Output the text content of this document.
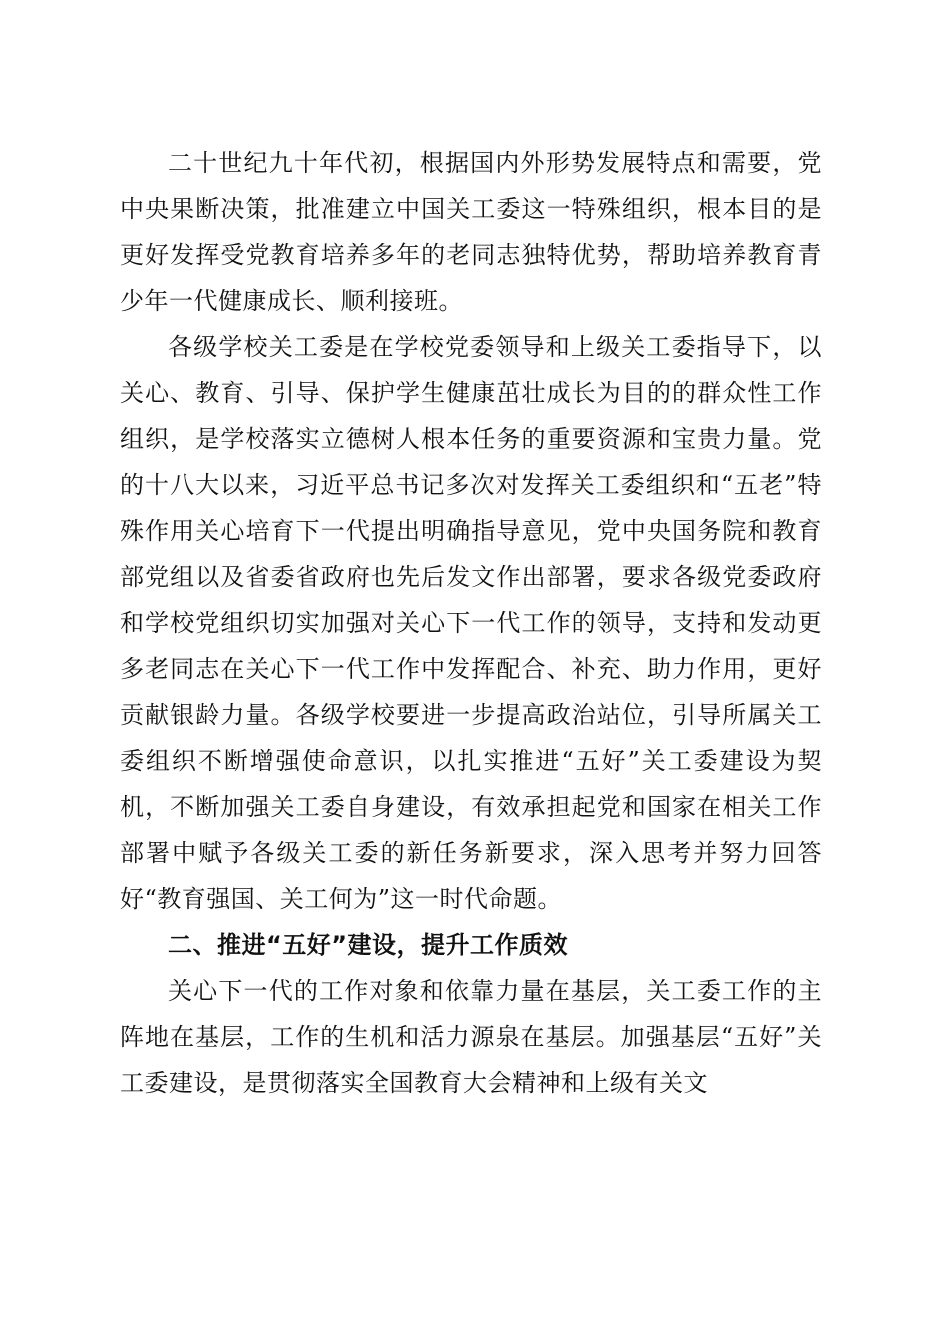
二十世纪九十年代初，根据国内外形势发展特点和需要，党中央果断决策，批准建立中国关工委这一特殊组织，根本目的是更好发挥受党教育培养多年的老同志独特优势，帮助培养教育青少年一代健康成长、顺利接班。

各级学校关工委是在学校党委领导和上级关工委指导下，以关心、教育、引导、保护学生健康茁壮成长为目的的群众性工作组织，是学校落实立德树人根本任务的重要资源和宝贵力量。党的十八大以来，习近平总书记多次对发挥关工委组织和“五老”特殊作用关心培育下一代提出明确指导意见，党中央国务院和教育部党组以及省委省政府也先后发文作出部署，要求各级党委政府和学校党组织切实加强对关心下一代工作的领导，支持和发动更多老同志在关心下一代工作中发挥配合、补充、助力作用，更好贡献银龄力量。各级学校要进一步提高政治站位，引导所属关工委组织不断增强使命意识，以扎实推进“五好”关工委建设为契机，不断加强关工委自身建设，有效承担起党和国家在相关工作部署中赋予各级关工委的新任务新要求，深入思考并努力回答好“教育强国、关工何为”这一时代命题。

二、推进“五好”建设，提升工作质效

关心下一代的工作对象和依靠力量在基层，关工委工作的主阵地在基层，工作的生机和活力源泉在基层。加强基层“五好”关工委建设，是贯彻落实全国教育大会精神和上级有关文
